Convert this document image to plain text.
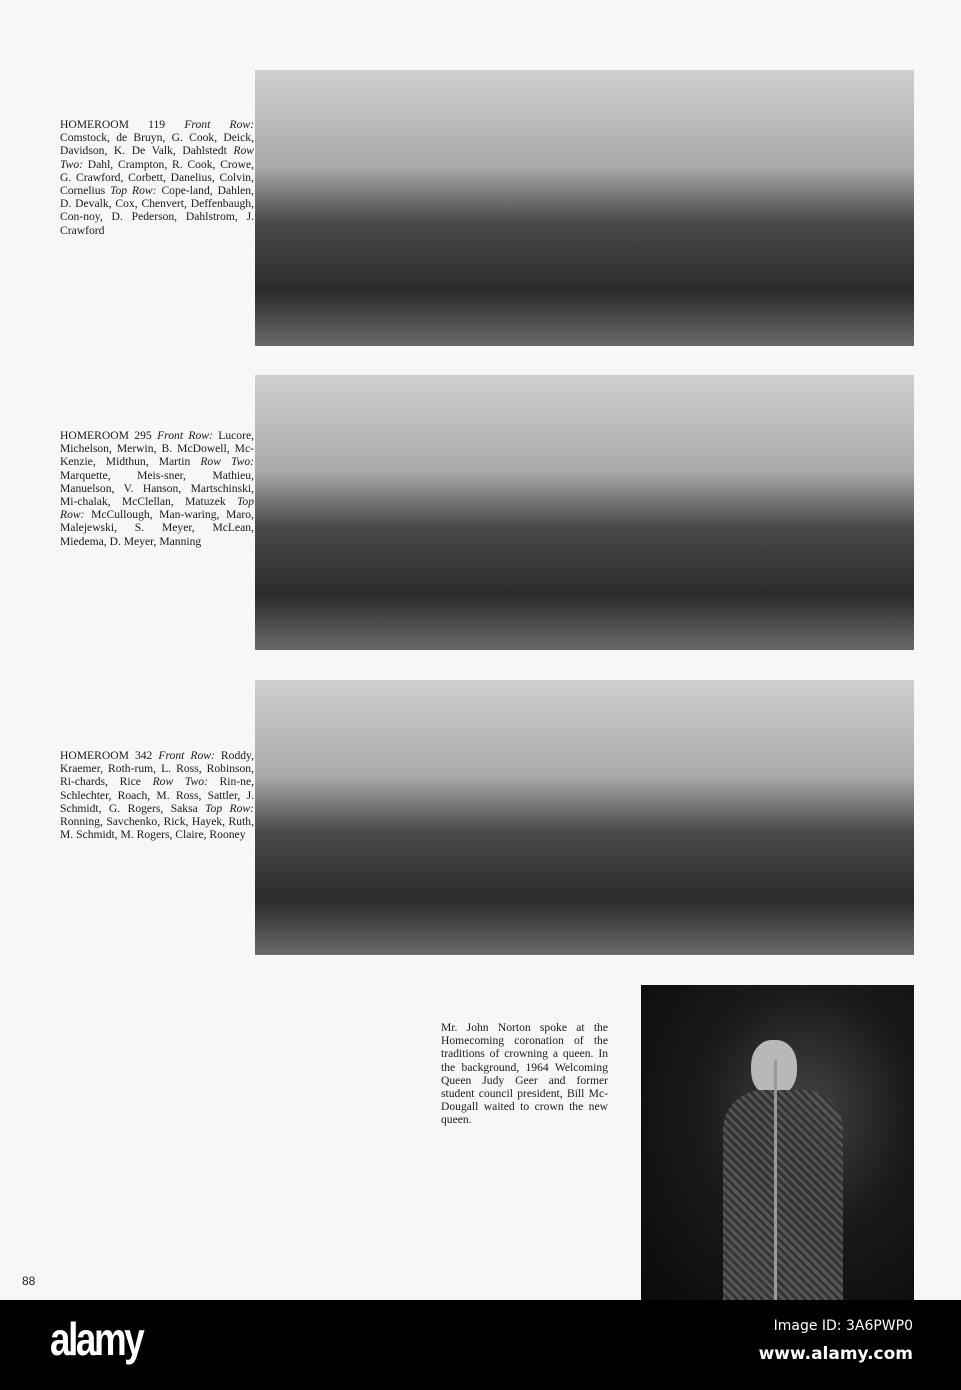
HOMEROOM 119 Front Row: Comstock, de Bruyn, G. Cook, Deick, Davidson, K. De Valk, Dahlstedt Row Two: Dahl, Crampton, R. Cook, Crowe, G. Crawford, Corbett, Danelius, Colvin, Cornelius Top Row: Cope-land, Dahlen, D. Devalk, Cox, Chenvert, Deffenbaugh, Con-noy, D. Pederson, Dahlstrom, J. Crawford
HOMEROOM 295 Front Row: Lucore, Michelson, Merwin, B. McDowell, Mc-Kenzie, Midthun, Martin Row Two: Marquette, Meis-sner, Mathieu, Manuelson, V. Hanson, Martschinski, Mi-chalak, McClellan, Matuzek Top Row: McCullough, Man-waring, Maro, Malejewski, S. Meyer, McLean, Miedema, D. Meyer, Manning
HOMEROOM 342 Front Row: Roddy, Kraemer, Roth-rum, L. Ross, Robinson, Ri-chards, Rice Row Two: Rin-ne, Schlechter, Roach, M. Ross, Sattler, J. Schmidt, G. Rogers, Saksa Top Row: Ronning, Savchenko, Rick, Hayek, Ruth, M. Schmidt, M. Rogers, Claire, Rooney
Mr. John Norton spoke at the Homecoming coronation of the traditions of crowning a queen. In the background, 1964 Welcoming Queen Judy Geer and former student council president, Bill Mc-Dougall waited to crown the new queen.
88
alamy	Image ID: 3A6PWP0
www.alamy.com
